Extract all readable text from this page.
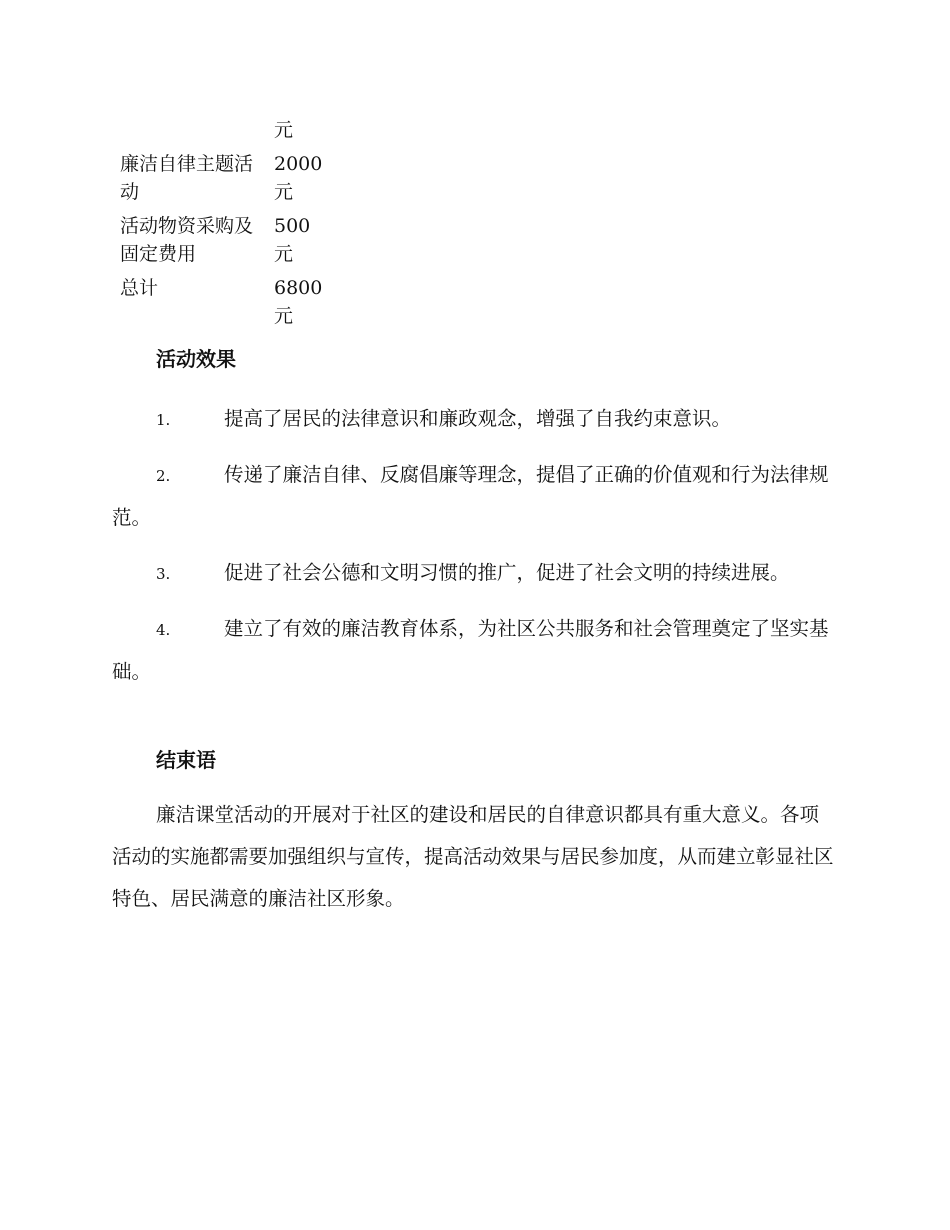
	元

廉洁自律主题活动	2000
元

活动物资采购及固定费用	500
元

总计	6800
元
活动效果
1.	提高了居民的法律意识和廉政观念，增强了自我约束意识。
2.	传递了廉洁自律、反腐倡廉等理念，提倡了正确的价值观和行为法律规范。
3.	促进了社会公德和文明习惯的推广，促进了社会文明的持续进展。
4.	建立了有效的廉洁教育体系，为社区公共服务和社会管理奠定了坚实基础。
结束语

廉洁课堂活动的开展对于社区的建设和居民的自律意识都具有重大意义。各项活动的实施都需要加强组织与宣传，提高活动效果与居民参加度，从而建立彰显社区特色、居民满意的廉洁社区形象。
